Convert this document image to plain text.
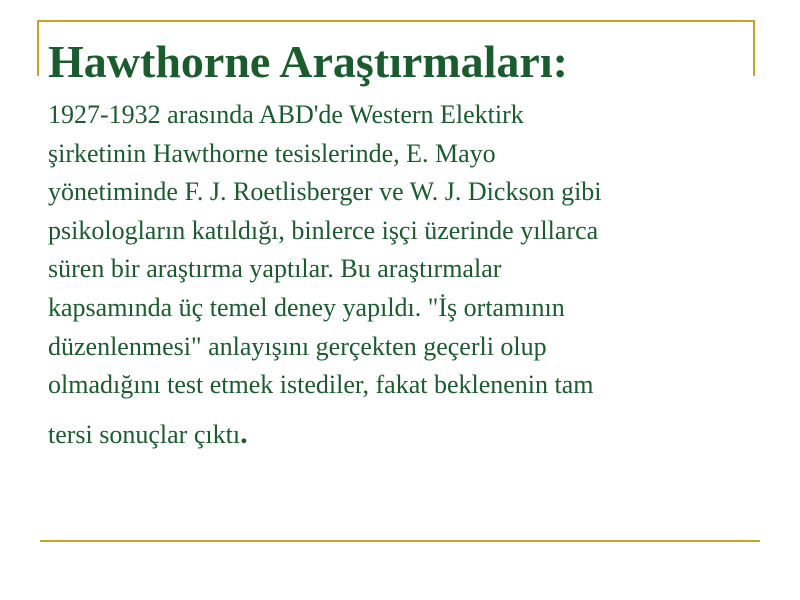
Hawthorne Araştırmaları:
1927-1932 arasında ABD'de Western Elektirk
şirketinin Hawthorne tesislerinde, E. Mayo
yönetiminde F. J. Roetlisberger ve W. J. Dickson gibi
psikologların katıldığı, binlerce işçi üzerinde yıllarca
süren bir araştırma yaptılar. Bu araştırmalar
kapsamında üç temel deney yapıldı. "İş ortamının
düzenlenmesi" anlayışını gerçekten geçerli olup
olmadığını test etmek istediler, fakat beklenenin tam
tersi sonuçlar çıktı.
